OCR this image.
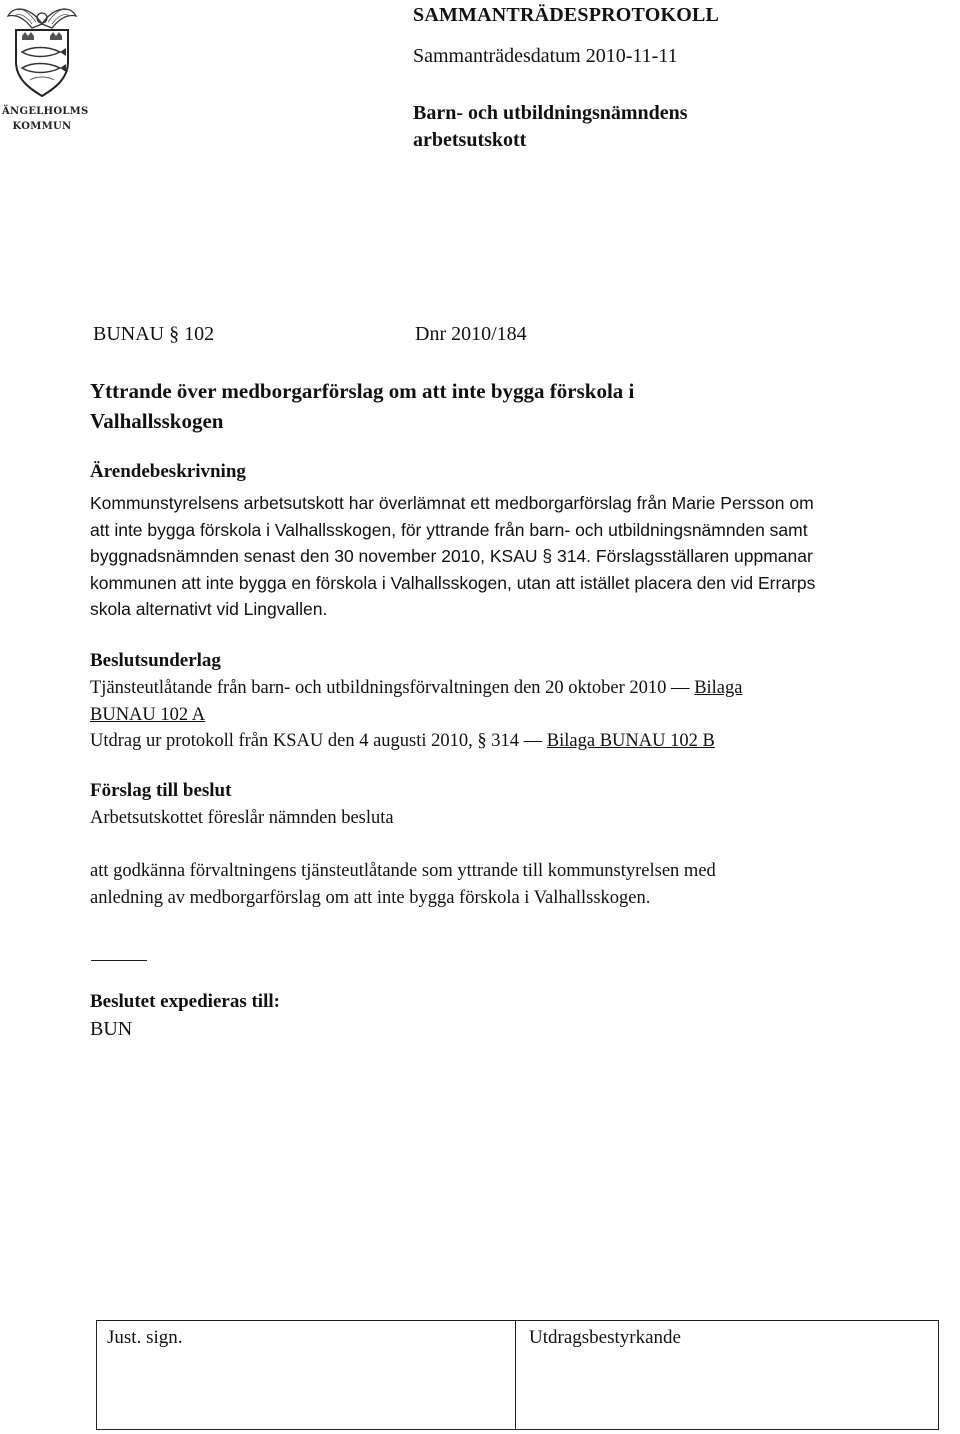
ÄNGELHOLMS
KOMMUN
SAMMANTRÄDESPROTOKOLL
Sammanträdesdatum 2010-11-11
Barn- och utbildningsnämndens
arbetsutskott
BUNAU § 102	Dnr 2010/184
Yttrande över medborgarförslag om att inte bygga förskola i
Valhallsskogen
Ärendebeskrivning
Kommunstyrelsens arbetsutskott har överlämnat ett medborgarförslag från Marie Persson om
att inte bygga förskola i Valhallsskogen, för yttrande från barn- och utbildningsnämnden samt
byggnadsnämnden senast den 30 november 2010, KSAU § 314. Förslagsställaren uppmanar
kommunen att inte bygga en förskola i Valhallsskogen, utan att istället placera den vid Errarps
skola alternativt vid Lingvallen.
Beslutsunderlag
Tjänsteutlåtande från barn- och utbildningsförvaltningen den 20 oktober 2010 — Bilaga
BUNAU 102 A
Utdrag ur protokoll från KSAU den 4 augusti 2010, § 314 — Bilaga BUNAU 102 B
Förslag till beslut
Arbetsutskottet föreslår nämnden besluta
att godkänna förvaltningens tjänsteutlåtande som yttrande till kommunstyrelsen med
anledning av medborgarförslag om att inte bygga förskola i Valhallsskogen.
Beslutet expedieras till:
BUN
Just. sign.	Utdragsbestyrkande
